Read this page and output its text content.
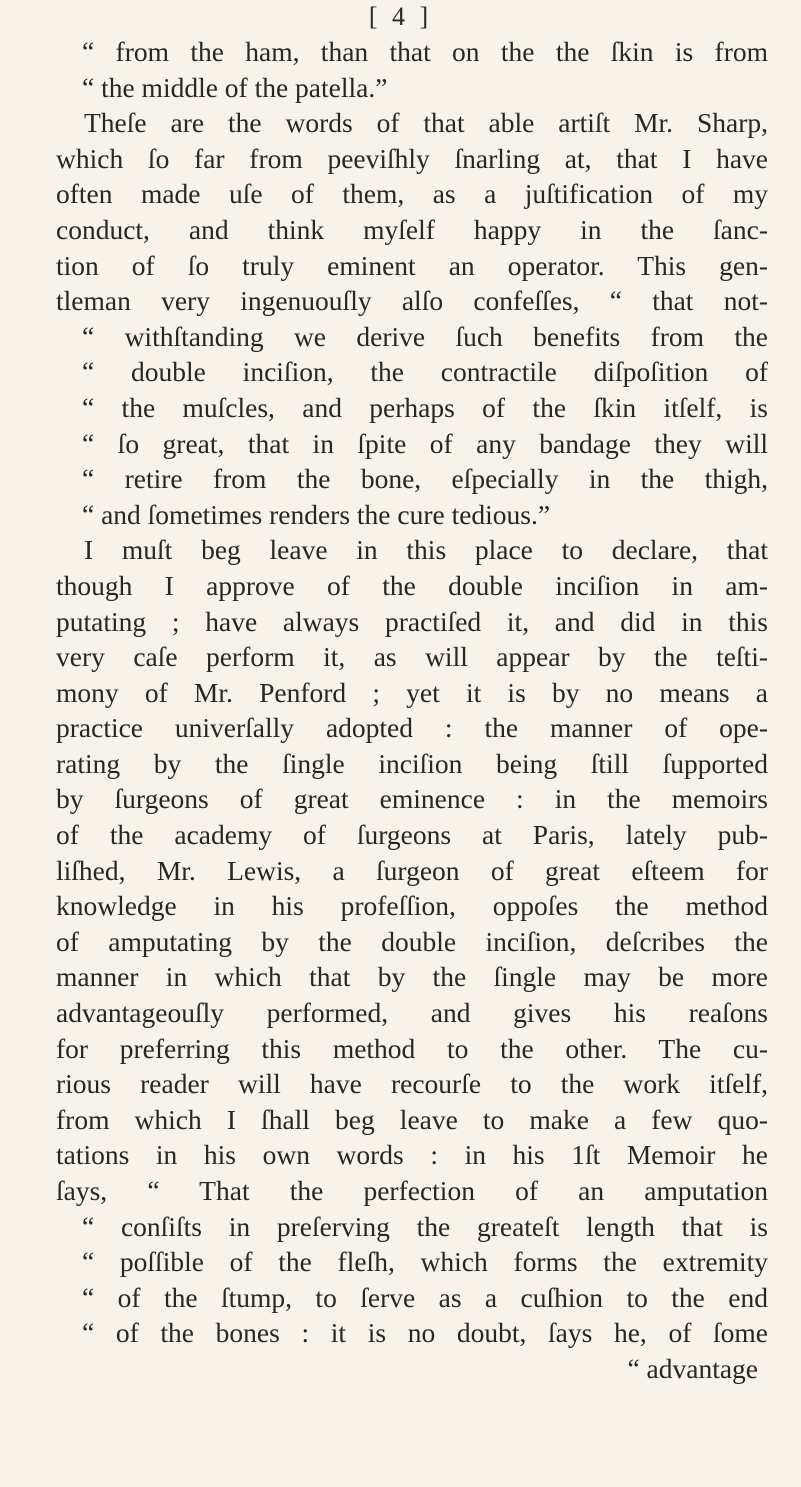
[ 4 ]
“ from the ham, than that on the the ſkin is from
“ the middle of the patella.”
Theſe are the words of that able artiſt Mr. Sharp,
which ſo far from peeviſhly ſnarling at, that I have
often made uſe of them, as a juſtification of my
conduct, and think myſelf happy in the ſanc-
tion of ſo truly eminent an operator. This gen-
tleman very ingenuouſly alſo confeſſes, “ that not-
“ withſtanding we derive ſuch benefits from the
“ double inciſion, the contractile diſpoſition of
“ the muſcles, and perhaps of the ſkin itſelf, is
“ ſo great, that in ſpite of any bandage they will
“ retire from the bone, eſpecially in the thigh,
“ and ſometimes renders the cure tedious.”
I muſt beg leave in this place to declare, that
though I approve of the double inciſion in am-
putating ; have always practiſed it, and did in this
very caſe perform it, as will appear by the teſti-
mony of Mr. Penford ; yet it is by no means a
practice univerſally adopted : the manner of ope-
rating by the ſingle inciſion being ſtill ſupported
by ſurgeons of great eminence : in the memoirs
of the academy of ſurgeons at Paris, lately pub-
liſhed, Mr. Lewis, a ſurgeon of great eſteem for
knowledge in his profeſſion, oppoſes the method
of amputating by the double inciſion, deſcribes the
manner in which that by the ſingle may be more
advantageouſly performed, and gives his reaſons
for preferring this method to the other. The cu-
rious reader will have recourſe to the work itſelf,
from which I ſhall beg leave to make a few quo-
tations in his own words : in his 1ſt Memoir he
ſays, “ That the perfection of an amputation
“ conſiſts in preſerving the greateſt length that is
“ poſſible of the fleſh, which forms the extremity
“ of the ſtump, to ſerve as a cuſhion to the end
“ of the bones : it is no doubt, ſays he, of ſome
“ advantage
